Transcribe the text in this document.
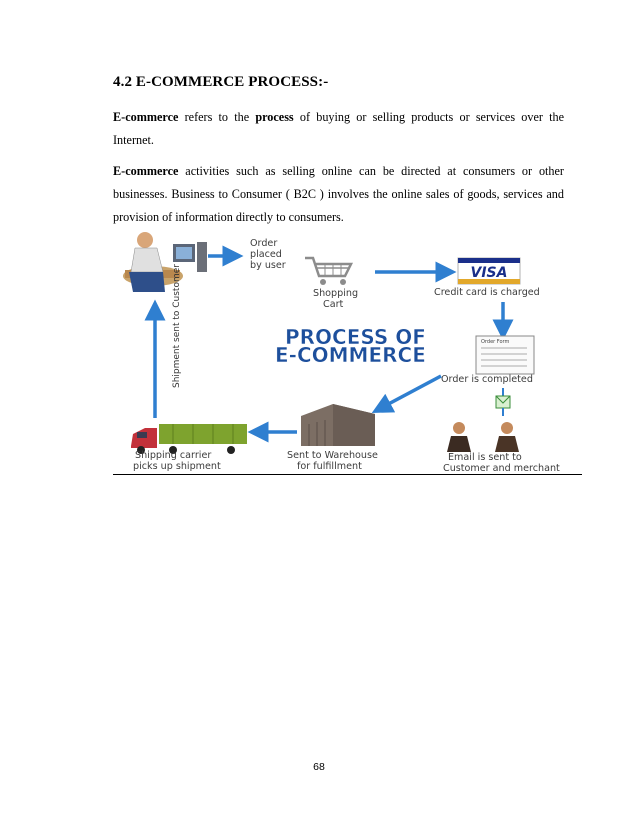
4.2 E-COMMERCE PROCESS:-
E-commerce refers to the process of buying or selling products or services over the Internet.
E-commerce activities such as selling online can be directed at consumers or other businesses. Business to Consumer ( B2C ) involves the online sales of goods, services and provision of information directly to consumers.
Order placed by user
Shopping Cart
VISA
Credit card is charged
Order Form
Order is completed
Email is sent to Customer and merchant
Sent to Warehouse for fulfillment
Shipping carrier picks up shipment
Shipment sent to Customer	PROCESS OF E-COMMERCE
68
